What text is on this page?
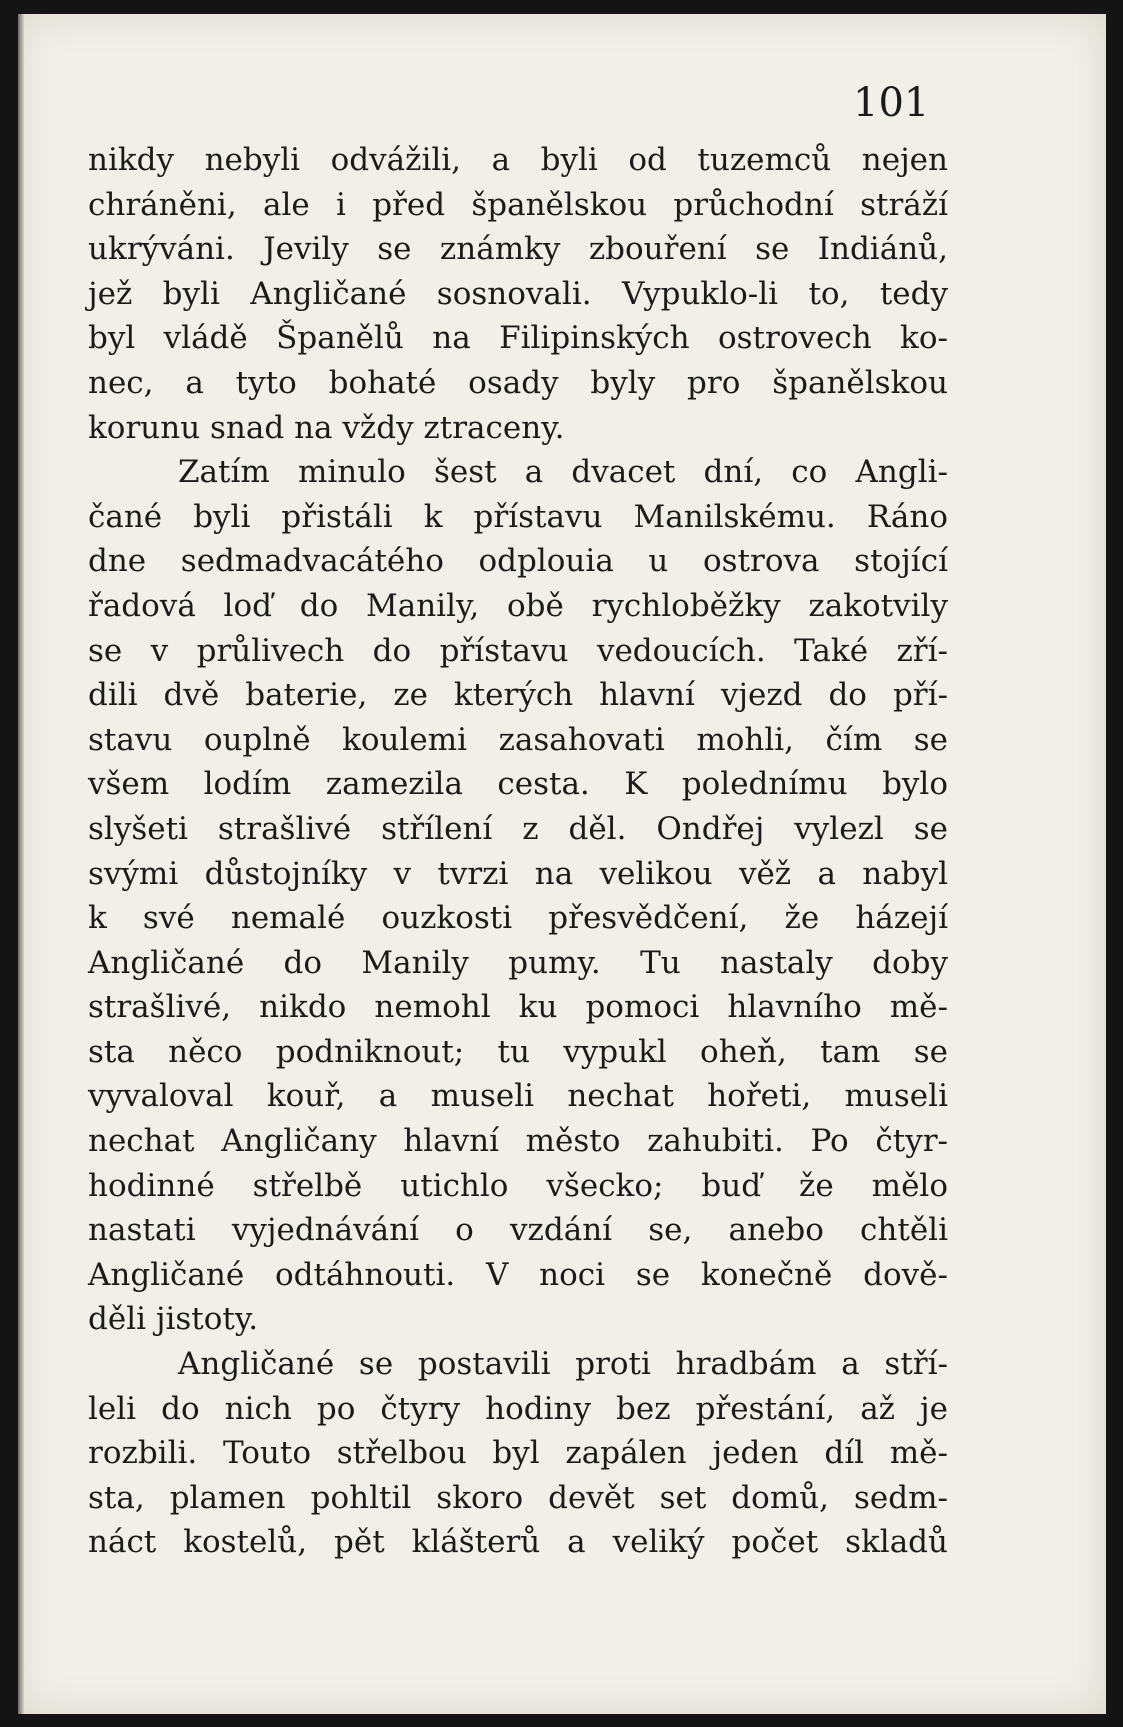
101

nikdy nebyli odvážili, a byli od tuzemců nejen
chráněni, ale i před španělskou průchodní stráží
ukrýváni. Jevily se známky zbouření se Indiánů,
jež byli Angličané sosnovali. Vypuklo-li to, tedy
byl vládě Španělů na Filipinských ostrovech ko-
nec, a tyto bohaté osady byly pro španělskou
korunu snad na vždy ztraceny.
Zatím minulo šest a dvacet dní, co Angli-
čané byli přistáli k přístavu Manilskému. Ráno
dne sedmadvacátého odplouia u ostrova stojící
řadová loď do Manily, obě rychloběžky zakotvily
se v průlivech do přístavu vedoucích. Také zří-
dili dvě baterie, ze kterých hlavní vjezd do pří-
stavu ouplně koulemi zasahovati mohli, čím se
všem lodím zamezila cesta. K polednímu bylo
slyšeti strašlivé střílení z děl. Ondřej vylezl se
svými důstojníky v tvrzi na velikou věž a nabyl
k své nemalé ouzkosti přesvědčení, že házejí
Angličané do Manily pumy. Tu nastaly doby
strašlivé, nikdo nemohl ku pomoci hlavního mě-
sta něco podniknout; tu vypukl oheň, tam se
vyvaloval kouř, a museli nechat hořeti, museli
nechat Angličany hlavní město zahubiti. Po čtyr-
hodinné střelbě utichlo všecko; buď že mělo
nastati vyjednávání o vzdání se, anebo chtěli
Angličané odtáhnouti. V noci se konečně dově-
děli jistoty.
Angličané se postavili proti hradbám a stří-
leli do nich po čtyry hodiny bez přestání, až je
rozbili. Touto střelbou byl zapálen jeden díl mě-
sta, plamen pohltil skoro devět set domů, sedm-
náct kostelů, pět klášterů a veliký počet skladů
